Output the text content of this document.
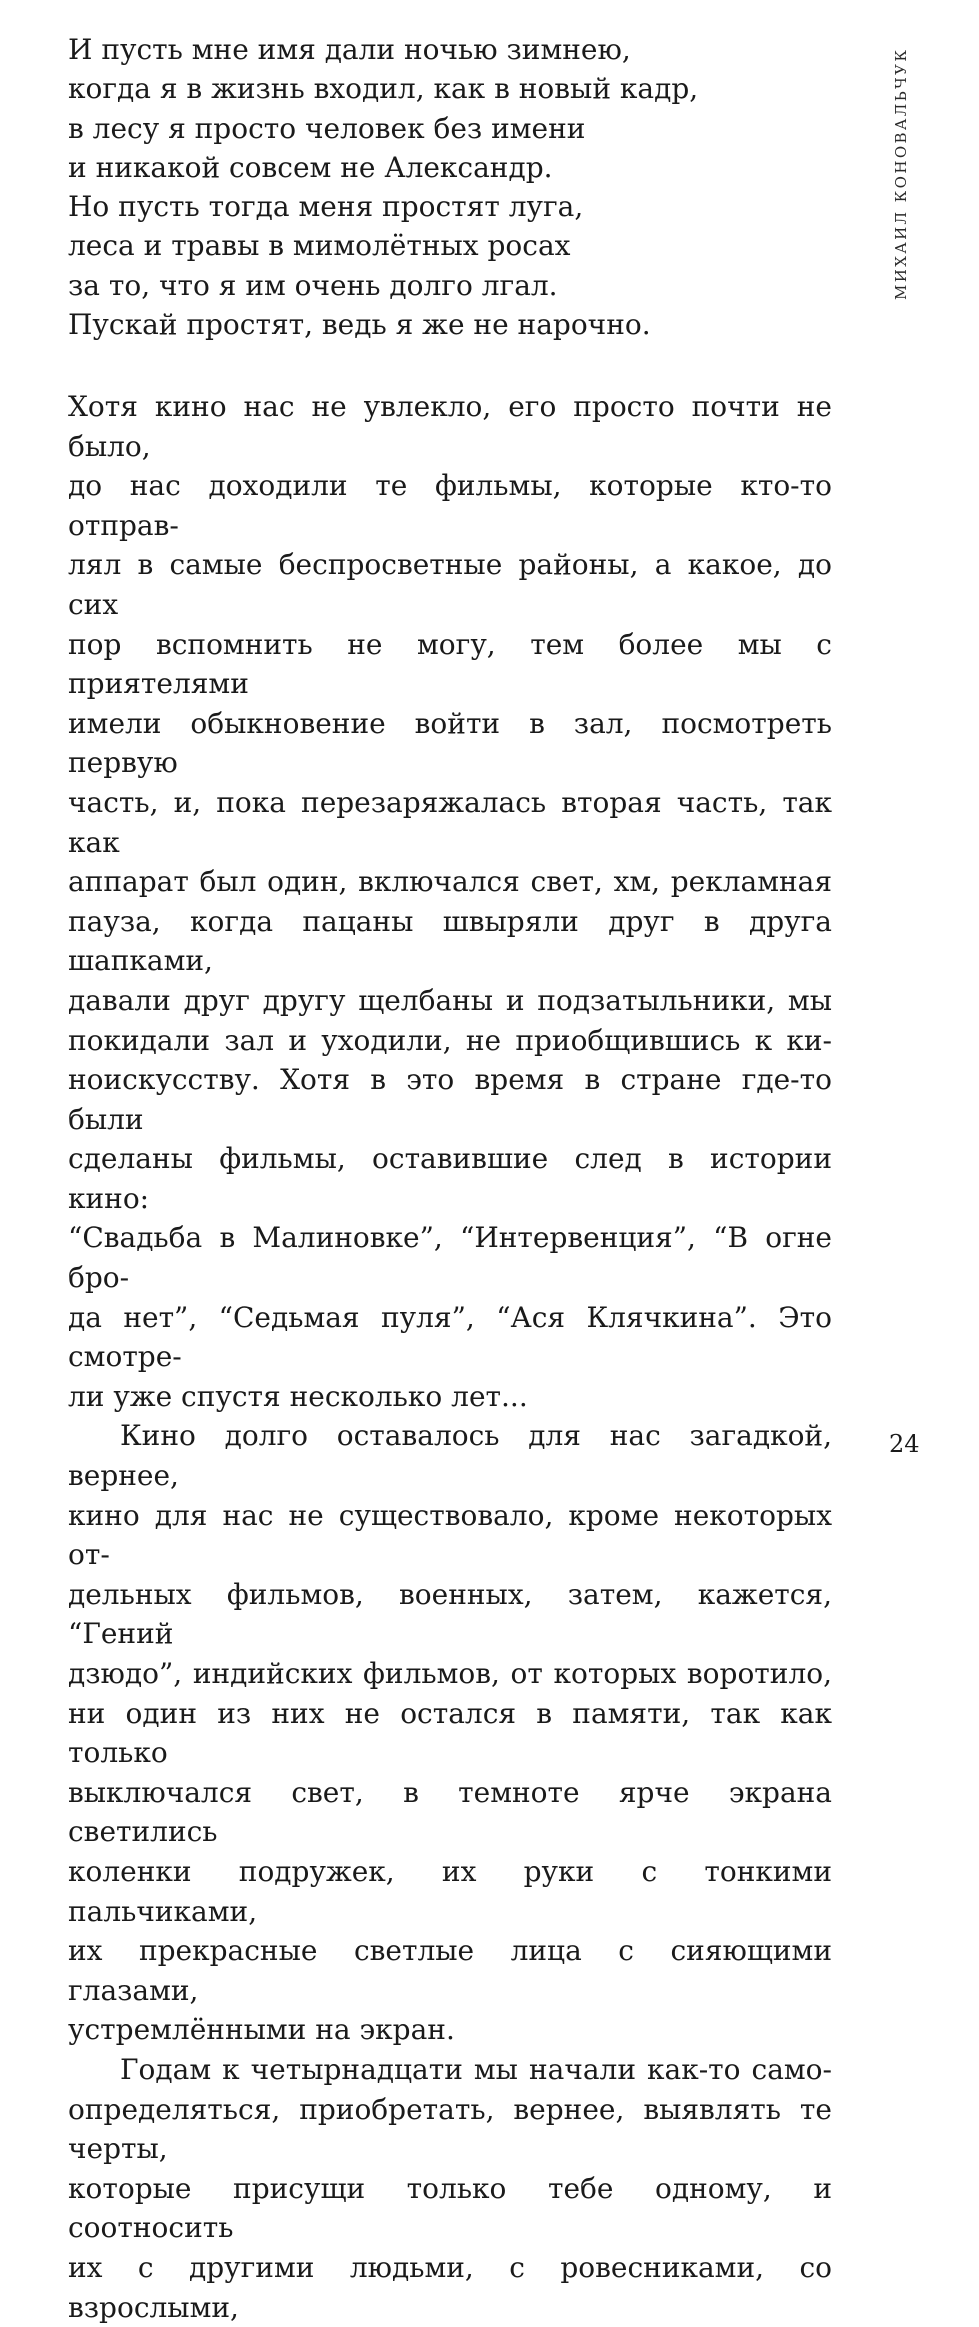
МИХАИЛ КОНОВАЛЬЧУК
И пусть мне имя дали ночью зимнею,
когда я в жизнь входил, как в новый кадр,
в лесу я просто человек без имени
и никакой совсем не Александр.
Но пусть тогда меня простят луга,
леса и травы в мимолётных росах
за то, что я им очень долго лгал.
Пускай простят, ведь я же не нарочно.
Хотя кино нас не увлекло, его просто почти не было,
до нас доходили те фильмы, которые кто-то отправ-
лял в самые беспросветные районы, а какое, до сих
пор вспомнить не могу, тем более мы с приятелями
имели обыкновение войти в зал, посмотреть первую
часть, и, пока перезаряжалась вторая часть, так как
аппарат был один, включался свет, хм, рекламная
пауза, когда пацаны швыряли друг в друга шапками,
давали друг другу щелбаны и подзатыльники, мы
покидали зал и уходили, не приобщившись к ки-
ноискусству. Хотя в это время в стране где-то были
сделаны фильмы, оставившие след в истории кино:
“Свадьба в Малиновке”, “Интервенция”, “В огне бро-
да нет”, “Седьмая пуля”, “Ася Клячкина”. Это смотре-
ли уже спустя несколько лет...
Кино долго оставалось для нас загадкой, вернее,
кино для нас не существовало, кроме некоторых от-
дельных фильмов, военных, затем, кажется, “Гений
дзюдо”, индийских фильмов, от которых воротило,
ни один из них не остался в памяти, так как только
выключался свет, в темноте ярче экрана светились
коленки подружек, их руки с тонкими пальчиками,
их прекрасные светлые лица с сияющими глазами,
устремлёнными на экран.
Годам к четырнадцати мы начали как-то само-
определяться, приобретать, вернее, выявлять те черты,
которые присущи только тебе одному, и соотносить
их с другими людьми, с ровесниками, со взрослыми,
24
